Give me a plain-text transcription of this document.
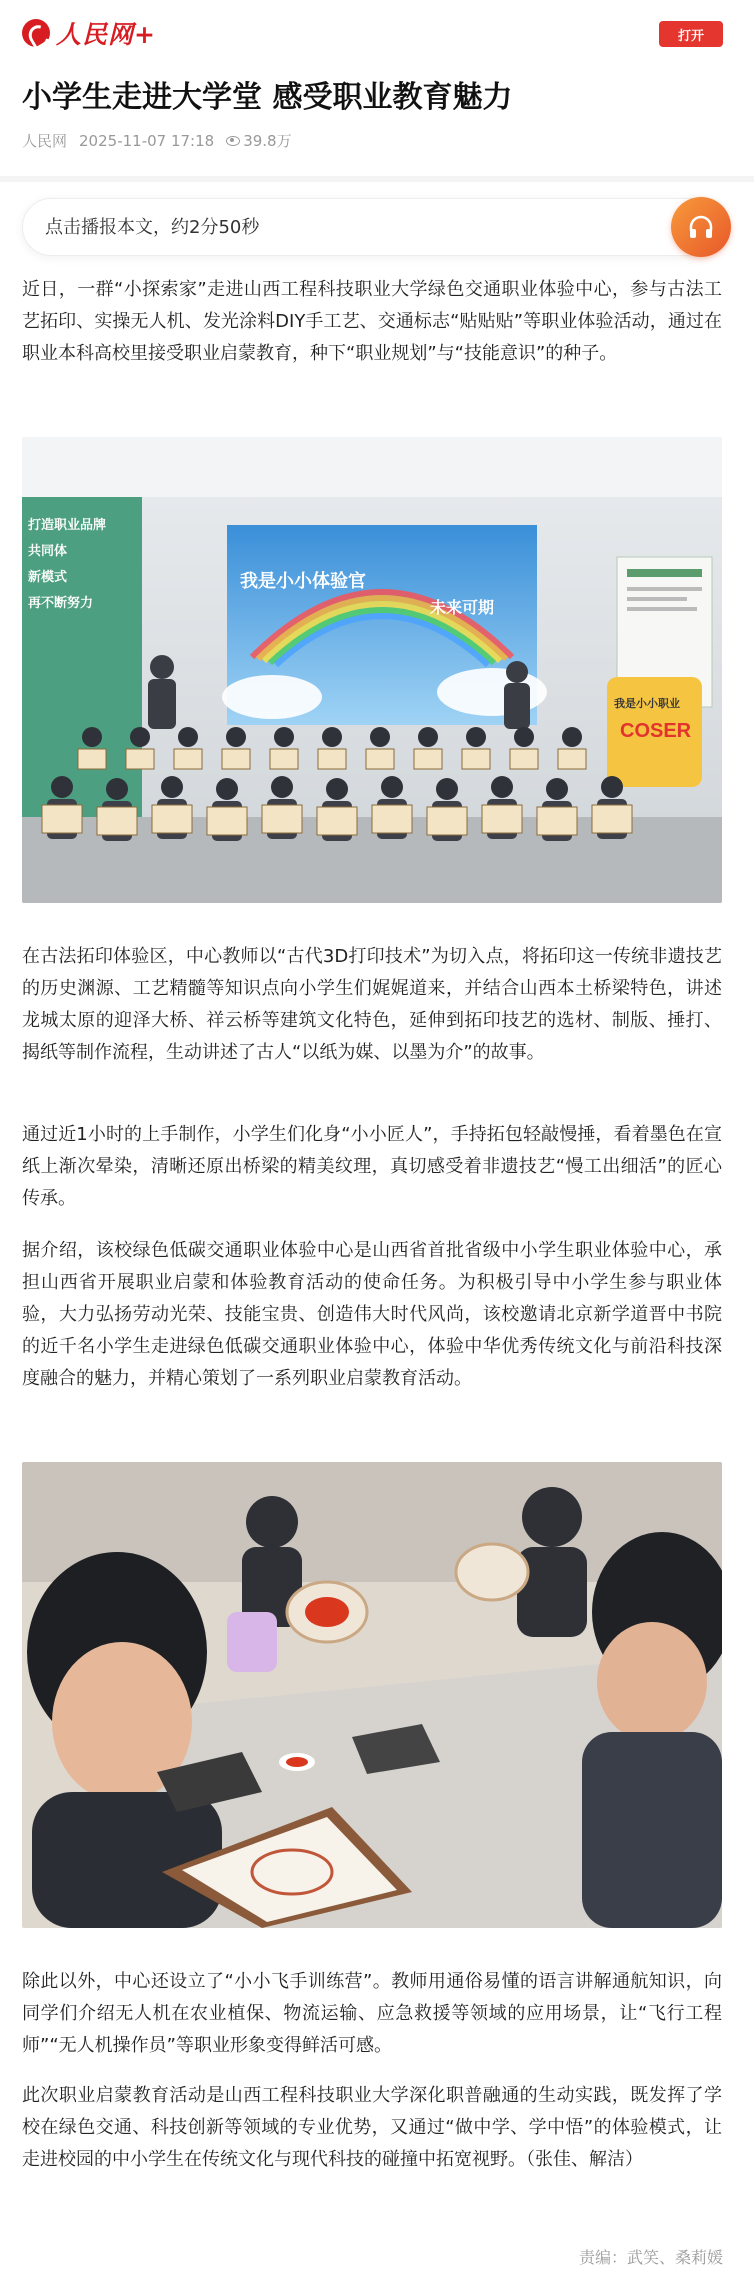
人民网+	打开
小学生走进大学堂 感受职业教育魅力
人民网 2025-11-07 17:18 39.8万
点击播报本文，约2分50秒

近日，一群“小探索家”走进山西工程科技职业大学绿色交通职业体验中心，参与古法工艺拓印、实操无人机、发光涂料DIY手工艺、交通标志“贴贴贴”等职业体验活动，通过在职业本科高校里接受职业启蒙教育，种下“职业规划”与“技能意识”的种子。

打造职业品牌
共同体
新模式
再不断努力
我是小小体验官
未来可期
我是小小职业
COSER

在古法拓印体验区，中心教师以“古代3D打印技术”为切入点，将拓印这一传统非遗技艺的历史渊源、工艺精髓等知识点向小学生们娓娓道来，并结合山西本土桥梁特色，讲述龙城太原的迎泽大桥、祥云桥等建筑文化特色，延伸到拓印技艺的选材、制版、捶打、揭纸等制作流程，生动讲述了古人“以纸为媒、以墨为介”的故事。

通过近1小时的上手制作，小学生们化身“小小匠人”，手持拓包轻敲慢捶，看着墨色在宣纸上渐次晕染，清晰还原出桥梁的精美纹理，真切感受着非遗技艺“慢工出细活”的匠心传承。

据介绍，该校绿色低碳交通职业体验中心是山西省首批省级中小学生职业体验中心，承担山西省开展职业启蒙和体验教育活动的使命任务。为积极引导中小学生参与职业体验，大力弘扬劳动光荣、技能宝贵、创造伟大时代风尚，该校邀请北京新学道晋中书院的近千名小学生走进绿色低碳交通职业体验中心，体验中华优秀传统文化与前沿科技深度融合的魅力，并精心策划了一系列职业启蒙教育活动。

除此以外，中心还设立了“小小飞手训练营”。教师用通俗易懂的语言讲解通航知识，向同学们介绍无人机在农业植保、物流运输、应急救援等领域的应用场景，让“飞行工程师”“无人机操作员”等职业形象变得鲜活可感。

此次职业启蒙教育活动是山西工程科技职业大学深化职普融通的生动实践，既发挥了学校在绿色交通、科技创新等领域的专业优势，又通过“做中学、学中悟”的体验模式，让走进校园的中小学生在传统文化与现代科技的碰撞中拓宽视野。（张佳、解洁）

责编：武笑、桑莉媛
